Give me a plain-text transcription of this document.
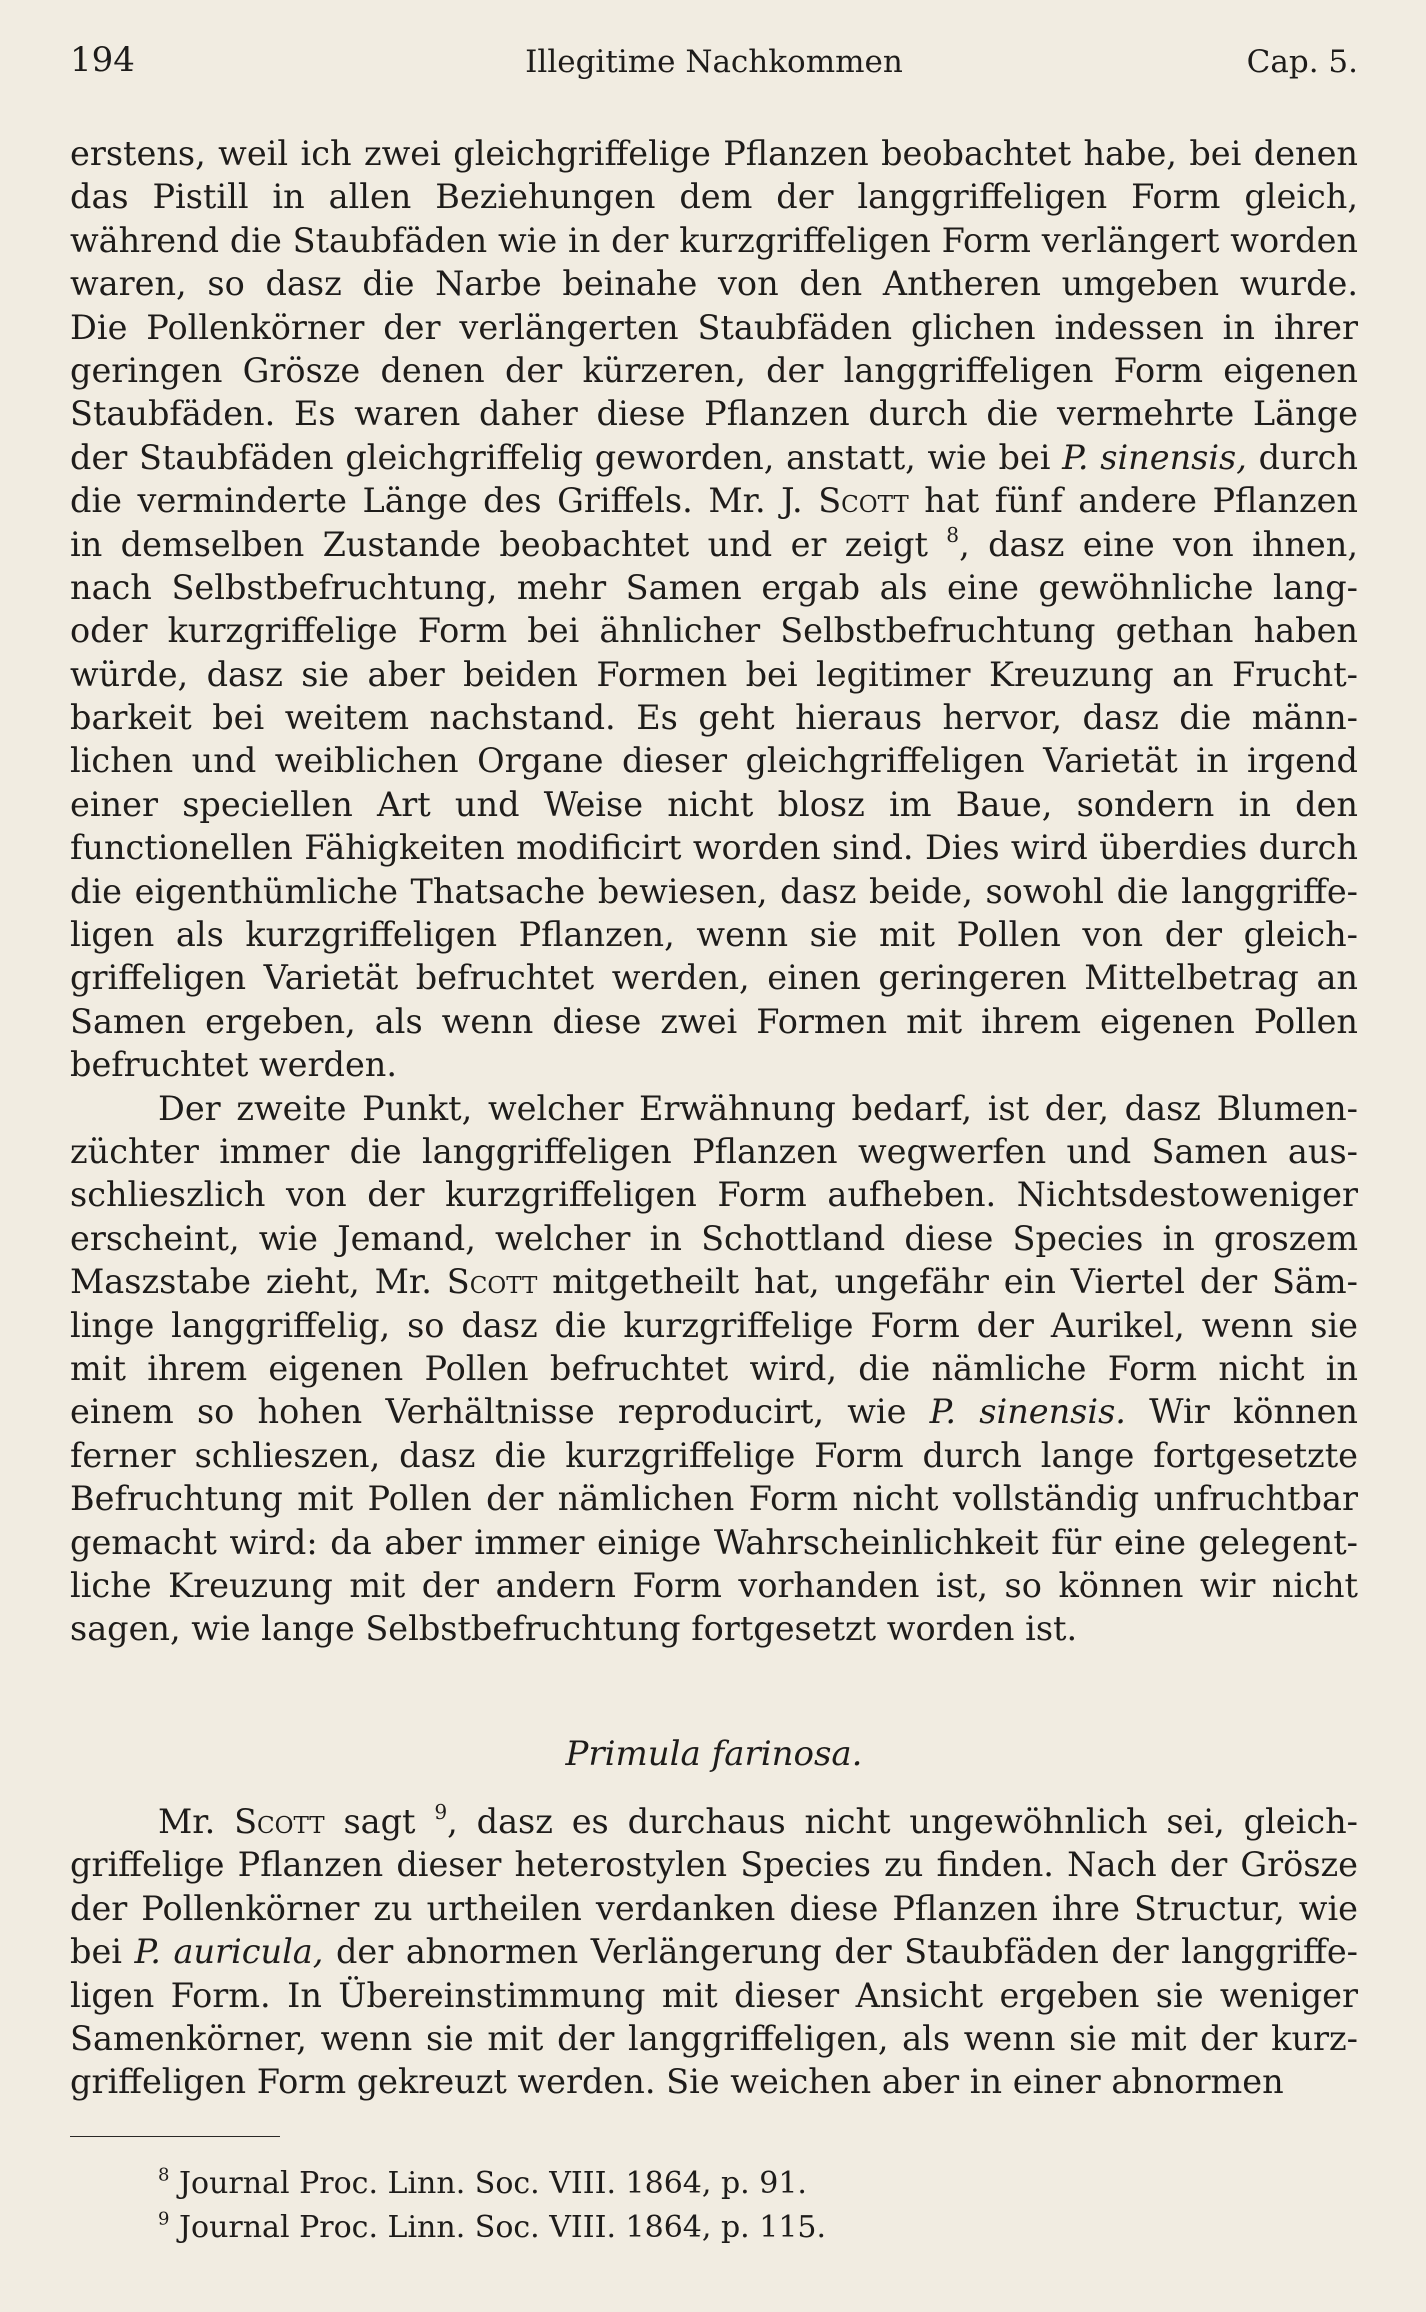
194	Illegitime Nachkommen	Cap. 5.
erstens, weil ich zwei gleichgriffelige Pflanzen beobachtet habe, bei denen
das Pistill in allen Beziehungen dem der langgriffeligen Form gleich,
während die Staubfäden wie in der kurzgriffeligen Form verlängert worden
waren, so dasz die Narbe beinahe von den Antheren umgeben wurde.
Die Pollenkörner der verlängerten Staubfäden glichen indessen in ihrer
geringen Grösze denen der kürzeren, der langgriffeligen Form eigenen
Staubfäden. Es waren daher diese Pflanzen durch die vermehrte Länge
der Staubfäden gleichgriffelig geworden, anstatt, wie bei P. sinensis, durch
die verminderte Länge des Griffels. Mr. J. Scott hat fünf andere Pflanzen
in demselben Zustande beobachtet und er zeigt $^8$, dasz eine von ihnen,
nach Selbstbefruchtung, mehr Samen ergab als eine gewöhnliche lang-
oder kurzgriffelige Form bei ähnlicher Selbstbefruchtung gethan haben
würde, dasz sie aber beiden Formen bei legitimer Kreuzung an Frucht-
barkeit bei weitem nachstand. Es geht hieraus hervor, dasz die männ-
lichen und weiblichen Organe dieser gleichgriffeligen Varietät in irgend
einer speciellen Art und Weise nicht blosz im Baue, sondern in den
functionellen Fähigkeiten modificirt worden sind. Dies wird überdies durch
die eigenthümliche Thatsache bewiesen, dasz beide, sowohl die langgriffe-
ligen als kurzgriffeligen Pflanzen, wenn sie mit Pollen von der gleich-
griffeligen Varietät befruchtet werden, einen geringeren Mittelbetrag an
Samen ergeben, als wenn diese zwei Formen mit ihrem eigenen Pollen
befruchtet werden.
Der zweite Punkt, welcher Erwähnung bedarf, ist der, dasz Blumen-
züchter immer die langgriffeligen Pflanzen wegwerfen und Samen aus-
schlieszlich von der kurzgriffeligen Form aufheben. Nichtsdestoweniger
erscheint, wie Jemand, welcher in Schottland diese Species in groszem
Maszstabe zieht, Mr. Scott mitgetheilt hat, ungefähr ein Viertel der Säm-
linge langgriffelig, so dasz die kurzgriffelige Form der Aurikel, wenn sie
mit ihrem eigenen Pollen befruchtet wird, die nämliche Form nicht in
einem so hohen Verhältnisse reproducirt, wie P. sinensis. Wir können
ferner schlieszen, dasz die kurzgriffelige Form durch lange fortgesetzte
Befruchtung mit Pollen der nämlichen Form nicht vollständig unfruchtbar
gemacht wird: da aber immer einige Wahrscheinlichkeit für eine gelegent-
liche Kreuzung mit der andern Form vorhanden ist, so können wir nicht
sagen, wie lange Selbstbefruchtung fortgesetzt worden ist.
Primula farinosa.
Mr. Scott sagt $^9$, dasz es durchaus nicht ungewöhnlich sei, gleich-
griffelige Pflanzen dieser heterostylen Species zu finden. Nach der Grösze
der Pollenkörner zu urtheilen verdanken diese Pflanzen ihre Structur, wie
bei P. auricula, der abnormen Verlängerung der Staubfäden der langgriffe-
ligen Form. In Übereinstimmung mit dieser Ansicht ergeben sie weniger
Samenkörner, wenn sie mit der langgriffeligen, als wenn sie mit der kurz-
griffeligen Form gekreuzt werden. Sie weichen aber in einer abnormen
$^8$ Journal Proc. Linn. Soc. VIII. 1864, p. 91.
$^9$ Journal Proc. Linn. Soc. VIII. 1864, p. 115.
